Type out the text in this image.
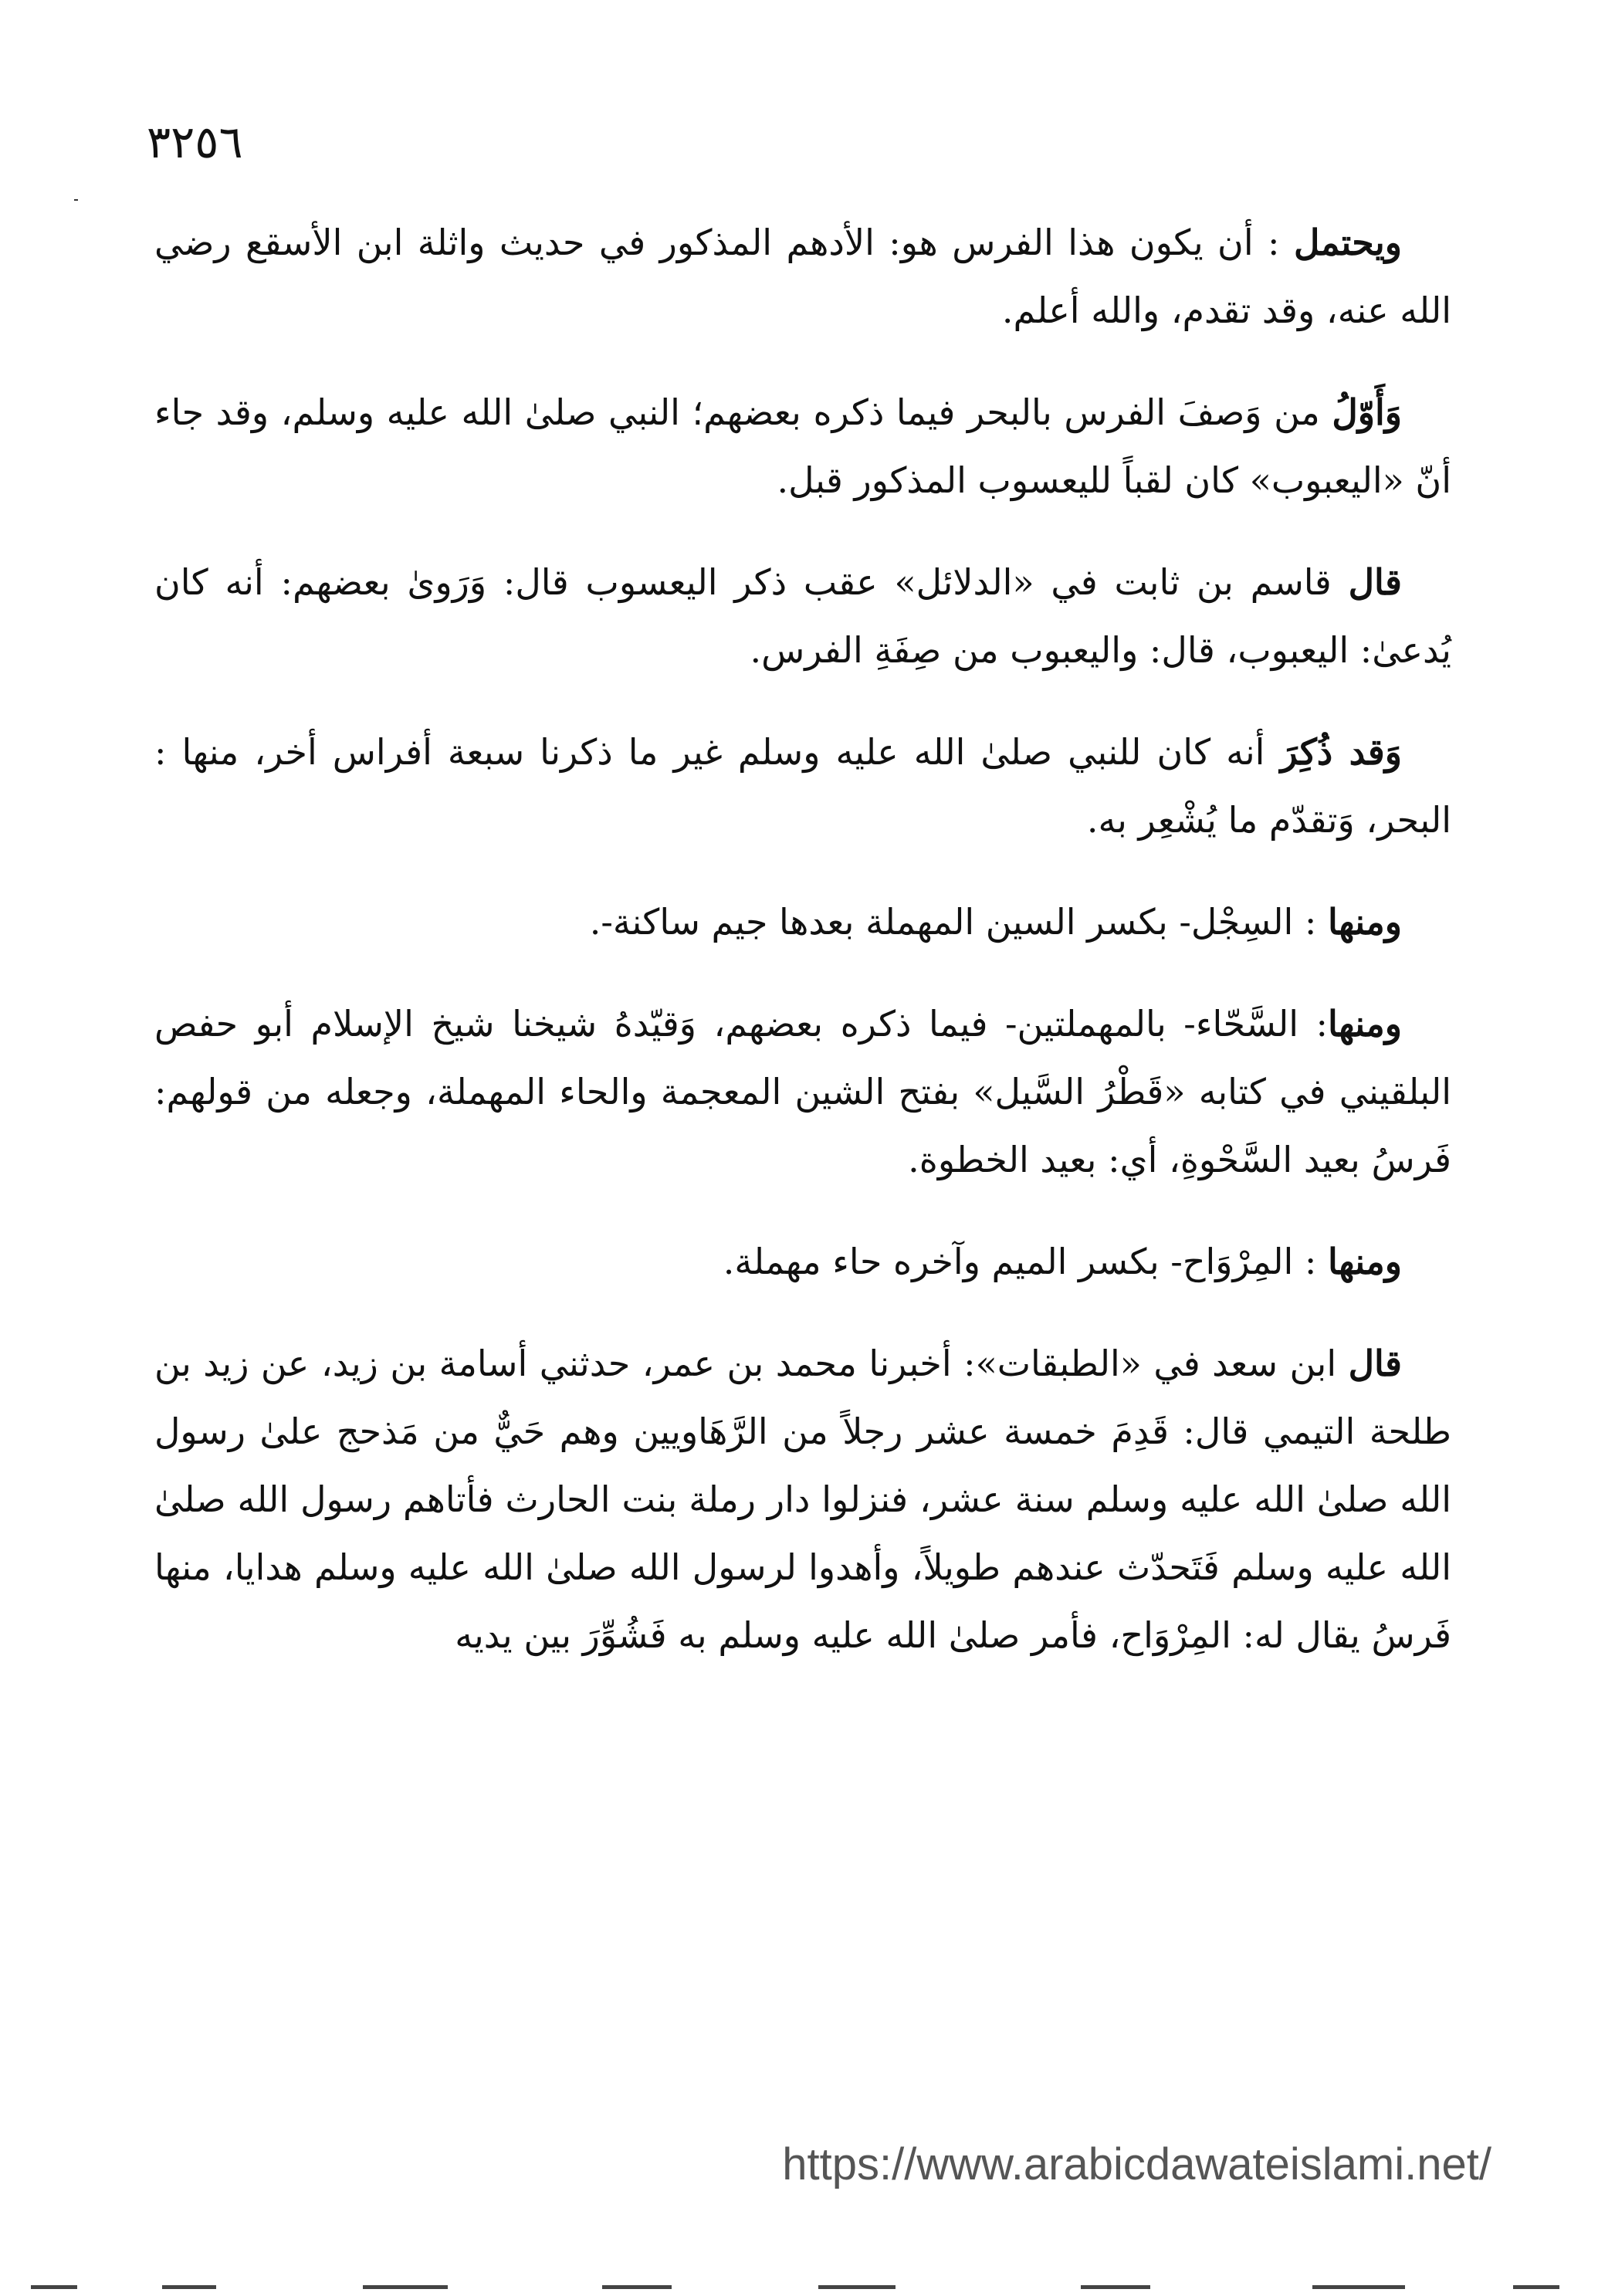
٣٢٥٦

ويحتمل : أن يكون هذا الفرس هو: الأدهم المذكور في حديث واثلة ابن الأسقع رضي الله عنه، وقد تقدم، والله أعلم.

وَأَوّلُ من وَصفَ الفرس بالبحر فيما ذكره بعضهم؛ النبي صلىٰ الله عليه وسلم، وقد جاء أنّ «اليعبوب» كان لقباً لليعسوب المذكور قبل.

قال قاسم بن ثابت في «الدلائل» عقب ذكر اليعسوب قال: وَرَوىٰ بعضهم: أنه كان يُدعىٰ: اليعبوب، قال: واليعبوب من صِفَةِ الفرس.

وَقد ذُكِرَ أنه كان للنبي صلىٰ الله عليه وسلم غير ما ذكرنا سبعة أفراس أخر، منها : البحر، وَتقدّم ما يُشْعِر به.

ومنها : السِجْل- بكسر السين المهملة بعدها جيم ساكنة-.

ومنها: السَّحّاء- بالمهملتين- فيما ذكره بعضهم، وَقيّدهُ شيخنا شيخ الإسلام أبو حفص البلقيني في كتابه «قَطْرُ السَّيل» بفتح الشين المعجمة والحاء المهملة، وجعله من قولهم: فَرسُ بعيد السَّحْوةِ، أي: بعيد الخطوة.

ومنها : المِرْوَاح- بكسر الميم وآخره حاء مهملة.

قال ابن سعد في «الطبقات»: أخبرنا محمد بن عمر، حدثني أسامة بن زيد، عن زيد بن طلحة التيمي قال: قَدِمَ خمسة عشر رجلاً من الرَّهَاويين وهم حَيٌّ من مَذحج علىٰ رسول الله صلىٰ الله عليه وسلم سنة عشر، فنزلوا دار رملة بنت الحارث فأتاهم رسول الله صلىٰ الله عليه وسلم فَتَحدّث عندهم طويلاً، وأهدوا لرسول الله صلىٰ الله عليه وسلم هدايا، منها فَرسُ يقال له: المِرْوَاح، فأمر صلىٰ الله عليه وسلم به فَشُوِّرَ بين يديه

https://www.arabicdawateislami.net/
